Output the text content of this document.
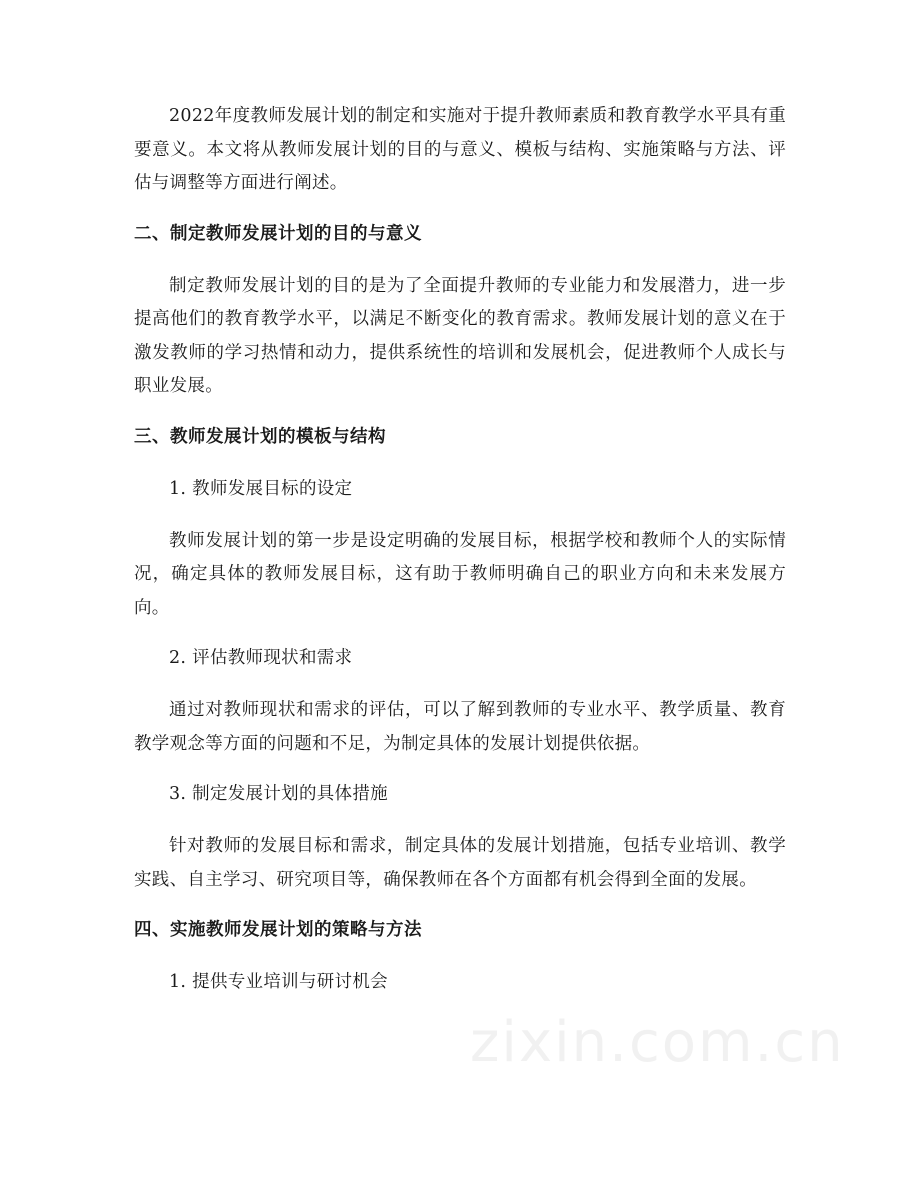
2022年度教师发展计划的制定和实施对于提升教师素质和教育教学水平具有重要意义。本文将从教师发展计划的目的与意义、模板与结构、实施策略与方法、评估与调整等方面进行阐述。

二、制定教师发展计划的目的与意义

制定教师发展计划的目的是为了全面提升教师的专业能力和发展潜力，进一步提高他们的教育教学水平，以满足不断变化的教育需求。教师发展计划的意义在于激发教师的学习热情和动力，提供系统性的培训和发展机会，促进教师个人成长与职业发展。

三、教师发展计划的模板与结构
1. 教师发展目标的设定

教师发展计划的第一步是设定明确的发展目标，根据学校和教师个人的实际情况，确定具体的教师发展目标，这有助于教师明确自己的职业方向和未来发展方向。

2. 评估教师现状和需求

通过对教师现状和需求的评估，可以了解到教师的专业水平、教学质量、教育教学观念等方面的问题和不足，为制定具体的发展计划提供依据。

3. 制定发展计划的具体措施

针对教师的发展目标和需求，制定具体的发展计划措施，包括专业培训、教学实践、自主学习、研究项目等，确保教师在各个方面都有机会得到全面的发展。

四、实施教师发展计划的策略与方法
1. 提供专业培训与研讨机会
zixin.com.cn
